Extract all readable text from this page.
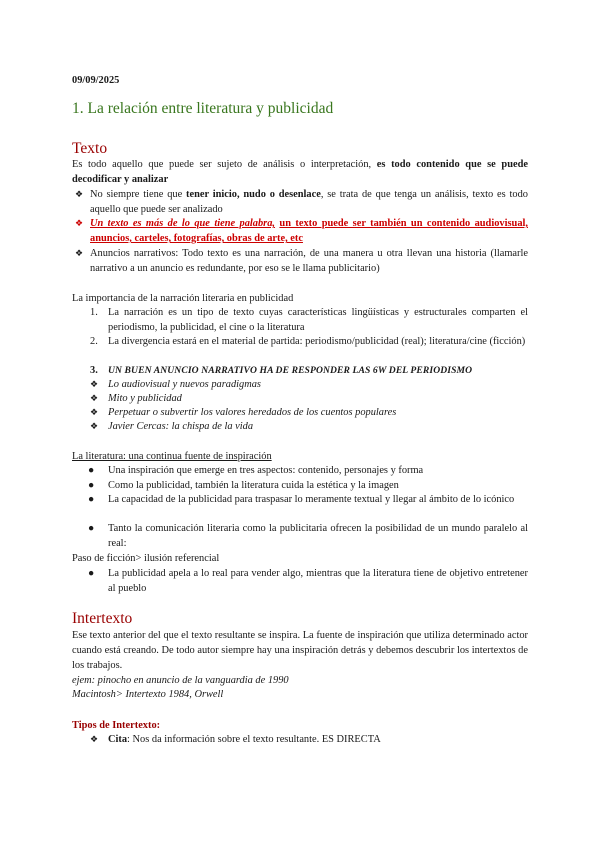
09/09/2025
1. La relación entre literatura y publicidad
Texto
Es todo aquello que puede ser sujeto de análisis o interpretación, es todo contenido que se puede decodificar y analizar
❖ No siempre tiene que tener inicio, nudo o desenlace, se trata de que tenga un análisis, texto es todo aquello que puede ser analizado
❖ Un texto es más de lo que tiene palabra, un texto puede ser también un contenido audiovisual, anuncios, carteles, fotografías, obras de arte, etc
❖ Anuncios narrativos: Todo texto es una narración, de una manera u otra llevan una historia (llamarle narrativo a un anuncio es redundante, por eso se le llama publicitario)
La importancia de la narración literaria en publicidad
1. La narración es un tipo de texto cuyas características lingüísticas y estructurales comparten el periodismo, la publicidad, el cine o la literatura
2. La divergencia estará en el material de partida: periodismo/publicidad (real); literatura/cine (ficción)
3. UN BUEN ANUNCIO NARRATIVO HA DE RESPONDER LAS 6W DEL PERIODISMO
❖ Lo audiovisual y nuevos paradigmas
❖ Mito y publicidad
❖ Perpetuar o subvertir los valores heredados de los cuentos populares
❖ Javier Cercas: la chispa de la vida
La literatura: una continua fuente de inspiración
● Una inspiración que emerge en tres aspectos: contenido, personajes y forma
● Como la publicidad, también la literatura cuida la estética y la imagen
● La capacidad de la publicidad para traspasar lo meramente textual y llegar al ámbito de lo icónico
● Tanto la comunicación literaria como la publicitaria ofrecen la posibilidad de un mundo paralelo al real:
Paso de ficción> ilusión referencial
● La publicidad apela a lo real para vender algo, mientras que la literatura tiene de objetivo entretener al pueblo
Intertexto
Ese texto anterior del que el texto resultante se inspira. La fuente de inspiración que utiliza determinado actor cuando está creando. De todo autor siempre hay una inspiración detrás y debemos descubrir los intertextos de los trabajos.
ejem: pinocho en anuncio de la vanguardia de 1990
Macintosh> Intertexto 1984, Orwell
Tipos de Intertexto:
❖ Cita: Nos da información sobre el texto resultante. ES DIRECTA
